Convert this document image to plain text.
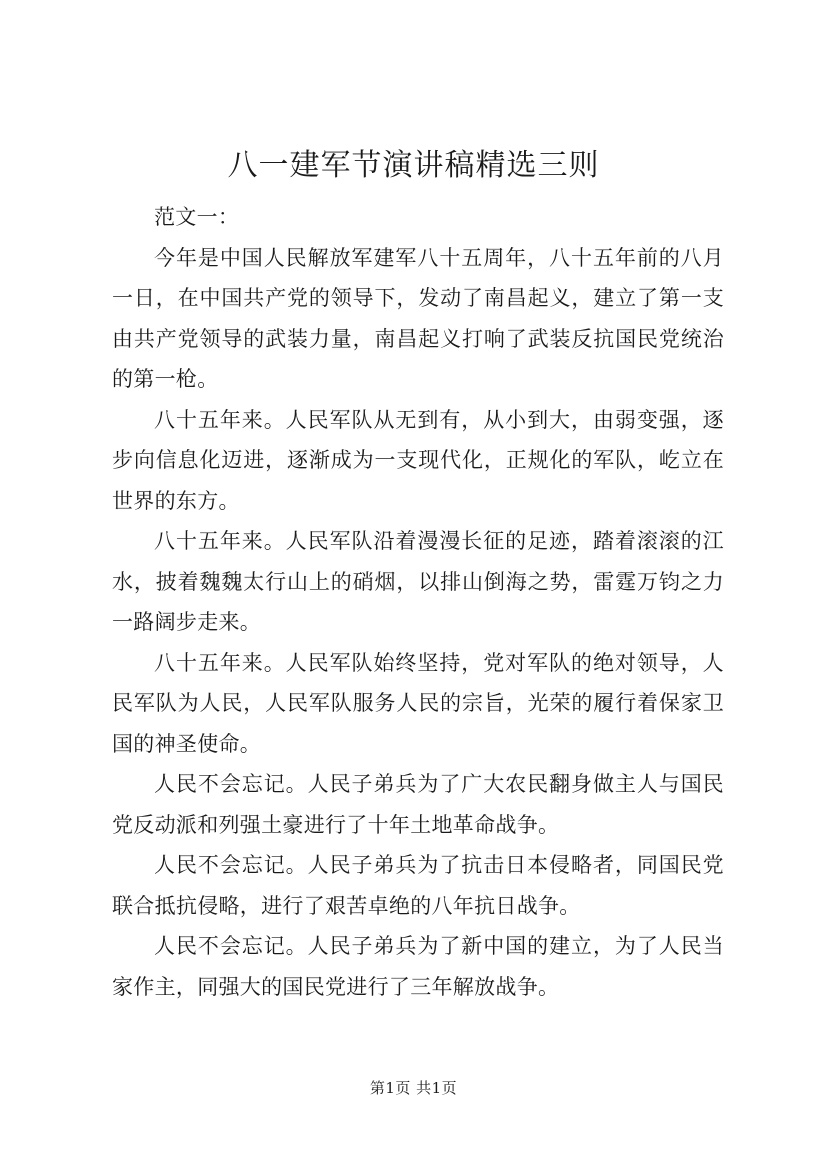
八一建军节演讲稿精选三则

范文一：

今年是中国人民解放军建军八十五周年，八十五年前的八月一日，在中国共产党的领导下，发动了南昌起义，建立了第一支由共产党领导的武装力量，南昌起义打响了武装反抗国民党统治的第一枪。

八十五年来。人民军队从无到有，从小到大，由弱变强，逐步向信息化迈进，逐渐成为一支现代化，正规化的军队，屹立在世界的东方。

八十五年来。人民军队沿着漫漫长征的足迹，踏着滚滚的江水，披着魏魏太行山上的硝烟，以排山倒海之势，雷霆万钧之力一路阔步走来。

八十五年来。人民军队始终坚持，党对军队的绝对领导，人民军队为人民，人民军队服务人民的宗旨，光荣的履行着保家卫国的神圣使命。

人民不会忘记。人民子弟兵为了广大农民翻身做主人与国民党反动派和列强土豪进行了十年土地革命战争。

人民不会忘记。人民子弟兵为了抗击日本侵略者，同国民党联合抵抗侵略，进行了艰苦卓绝的八年抗日战争。

人民不会忘记。人民子弟兵为了新中国的建立，为了人民当家作主，同强大的国民党进行了三年解放战争。

第1页 共1页
